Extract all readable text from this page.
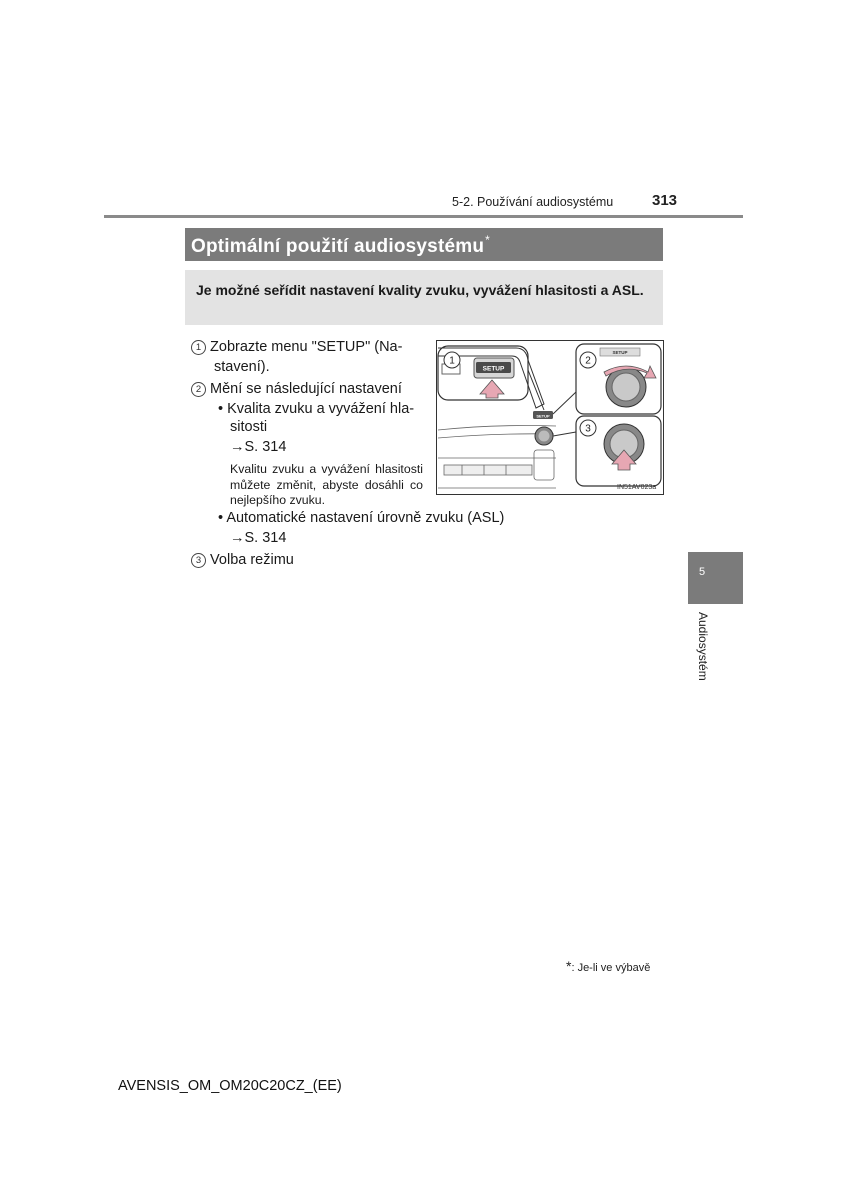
5-2. Používání audiosystému	313
Optimální použití audiosystému*
Je možné seřídit nastavení kvality zvuku, vyvážení hlasitosti a ASL.
1 Zobrazte menu "SETUP" (Na-
stavení).
2 Mění se následující nastavení
• Kvalita zvuku a vyvážení hla-
sitosti
→S. 314
Kvalitu zvuku a vyvážení hlasitosti můžete změnit, abyste dosáhli co nejlepšího zvuku.
• Automatické nastavení úrovně zvuku (ASL)
→S. 314
3 Volba režimu
SETUP
SETUP
1
SETUP
2
3
IN51AV023a
5
Audiosystém
*: Je-li ve výbavě
AVENSIS_OM_OM20C20CZ_(EE)
